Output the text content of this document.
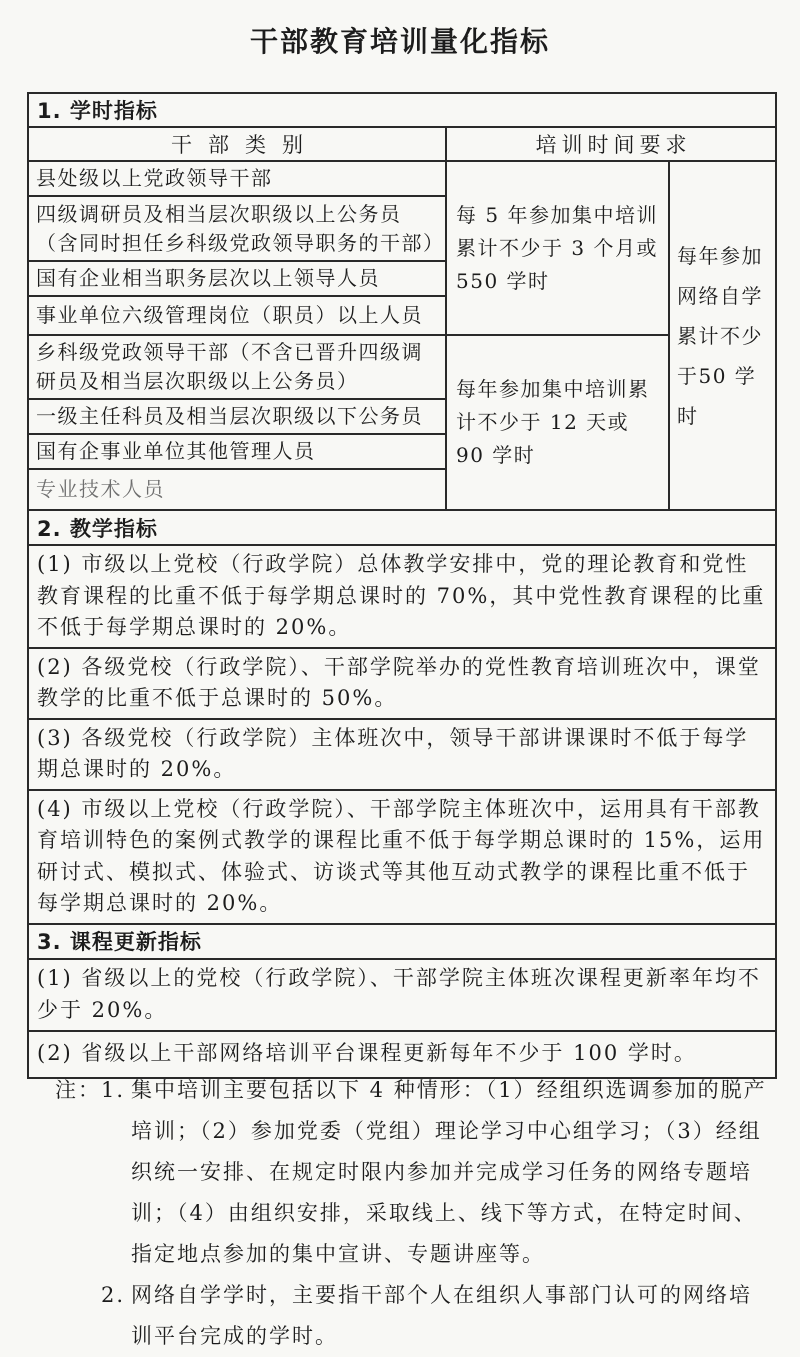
干部教育培训量化指标
1. 学时指标		
干部类别	培训时间要求	
县处级以上党政领导干部	每 5 年参加集中培训累计不少于 3 个月或 550 学时	每年参加网络自学累计不少于50 学时
四级调研员及相当层次职级以上公务员（含同时担任乡科级党政领导职务的干部）		
国有企业相当职务层次以上领导人员		
事业单位六级管理岗位（职员）以上人员		
乡科级党政领导干部（不含已晋升四级调研员及相当层次职级以上公务员）	每年参加集中培训累计不少于 12 天或 90 学时	
一级主任科员及相当层次职级以下公务员		
国有企事业单位其他管理人员		
专业技术人员		
2. 教学指标		
(1) 市级以上党校（行政学院）总体教学安排中，党的理论教育和党性教育课程的比重不低于每学期总课时的 70%，其中党性教育课程的比重不低于每学期总课时的 20%。		
(2) 各级党校（行政学院）、干部学院举办的党性教育培训班次中，课堂教学的比重不低于总课时的 50%。		
(3) 各级党校（行政学院）主体班次中，领导干部讲课课时不低于每学期总课时的 20%。		
(4) 市级以上党校（行政学院）、干部学院主体班次中，运用具有干部教育培训特色的案例式教学的课程比重不低于每学期总课时的 15%，运用研讨式、模拟式、体验式、访谈式等其他互动式教学的课程比重不低于每学期总课时的 20%。		
3. 课程更新指标		
(1) 省级以上的党校（行政学院）、干部学院主体班次课程更新率年均不少于 20%。		
(2) 省级以上干部网络培训平台课程更新每年不少于 100 学时。		
注： 1. 集中培训主要包括以下 4 种情形：（1）经组织选调参加的脱产培训；（2）参加党委（党组）理论学习中心组学习；（3）经组织统一安排、在规定时限内参加并完成学习任务的网络专题培训；（4）由组织安排，采取线上、线下等方式，在特定时间、指定地点参加的集中宣讲、专题讲座等。
2. 网络自学学时，主要指干部个人在组织人事部门认可的网络培训平台完成的学时。
